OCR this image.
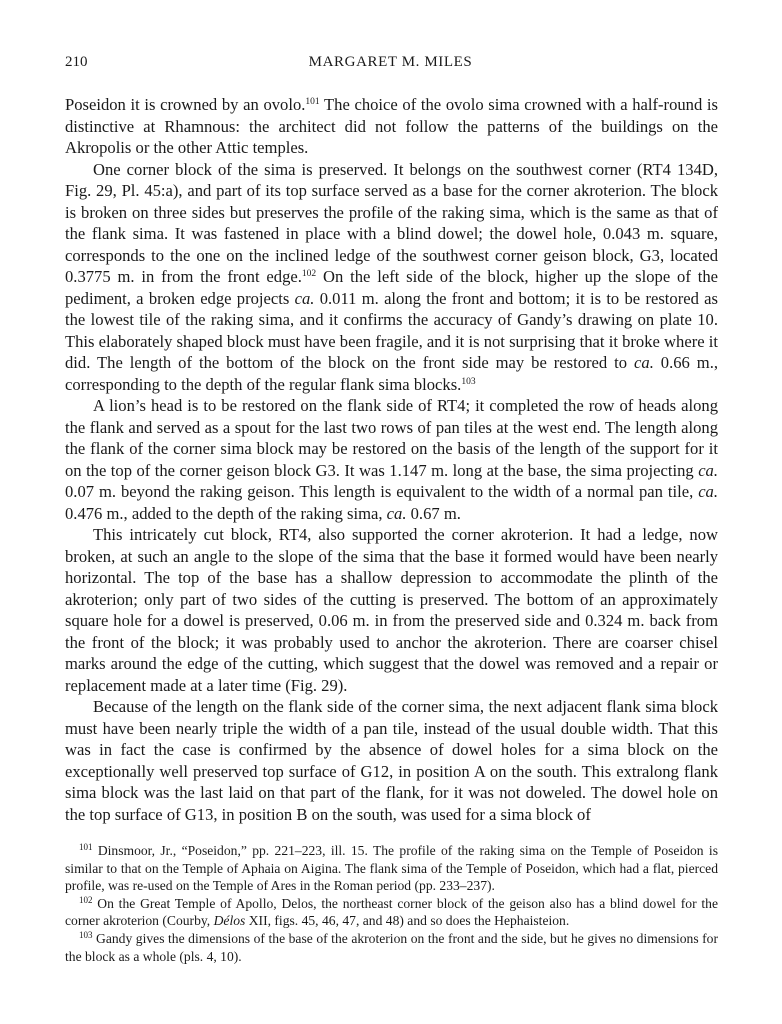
210	MARGARET M. MILES

Poseidon it is crowned by an ovolo.$^{101}$ The choice of the ovolo sima crowned with a half-round is distinctive at Rhamnous: the architect did not follow the patterns of the buildings on the Akropolis or the other Attic temples.

One corner block of the sima is preserved. It belongs on the southwest corner (RT4 134D, Fig. 29, Pl. 45:a), and part of its top surface served as a base for the corner akroterion. The block is broken on three sides but preserves the profile of the raking sima, which is the same as that of the flank sima. It was fastened in place with a blind dowel; the dowel hole, 0.043 m. square, corresponds to the one on the inclined ledge of the southwest corner geison block, G3, located 0.3775 m. in from the front edge.$^{102}$ On the left side of the block, higher up the slope of the pediment, a broken edge projects ca. 0.011 m. along the front and bottom; it is to be restored as the lowest tile of the raking sima, and it confirms the accuracy of Gandy’s drawing on plate 10. This elaborately shaped block must have been fragile, and it is not surprising that it broke where it did. The length of the bottom of the block on the front side may be restored to ca. 0.66 m., corresponding to the depth of the regular flank sima blocks.$^{103}$

A lion’s head is to be restored on the flank side of RT4; it completed the row of heads along the flank and served as a spout for the last two rows of pan tiles at the west end. The length along the flank of the corner sima block may be restored on the basis of the length of the support for it on the top of the corner geison block G3. It was 1.147 m. long at the base, the sima projecting ca. 0.07 m. beyond the raking geison. This length is equivalent to the width of a normal pan tile, ca. 0.476 m., added to the depth of the raking sima, ca. 0.67 m.

This intricately cut block, RT4, also supported the corner akroterion. It had a ledge, now broken, at such an angle to the slope of the sima that the base it formed would have been nearly horizontal. The top of the base has a shallow depression to accommodate the plinth of the akroterion; only part of two sides of the cutting is preserved. The bottom of an approximately square hole for a dowel is preserved, 0.06 m. in from the preserved side and 0.324 m. back from the front of the block; it was probably used to anchor the akroterion. There are coarser chisel marks around the edge of the cutting, which suggest that the dowel was removed and a repair or replacement made at a later time (Fig. 29).

Because of the length on the flank side of the corner sima, the next adjacent flank sima block must have been nearly triple the width of a pan tile, instead of the usual double width. That this was in fact the case is confirmed by the absence of dowel holes for a sima block on the exceptionally well preserved top surface of G12, in position A on the south. This extralong flank sima block was the last laid on that part of the flank, for it was not doweled. The dowel hole on the top surface of G13, in position B on the south, was used for a sima block of

$^{101}$ Dinsmoor, Jr., “Poseidon,” pp. 221–223, ill. 15. The profile of the raking sima on the Temple of Poseidon is similar to that on the Temple of Aphaia on Aigina. The flank sima of the Temple of Poseidon, which had a flat, pierced profile, was re-used on the Temple of Ares in the Roman period (pp. 233–237).

$^{102}$ On the Great Temple of Apollo, Delos, the northeast corner block of the geison also has a blind dowel for the corner akroterion (Courby, Délos XII, figs. 45, 46, 47, and 48) and so does the Hephaisteion.

$^{103}$ Gandy gives the dimensions of the base of the akroterion on the front and the side, but he gives no dimensions for the block as a whole (pls. 4, 10).
